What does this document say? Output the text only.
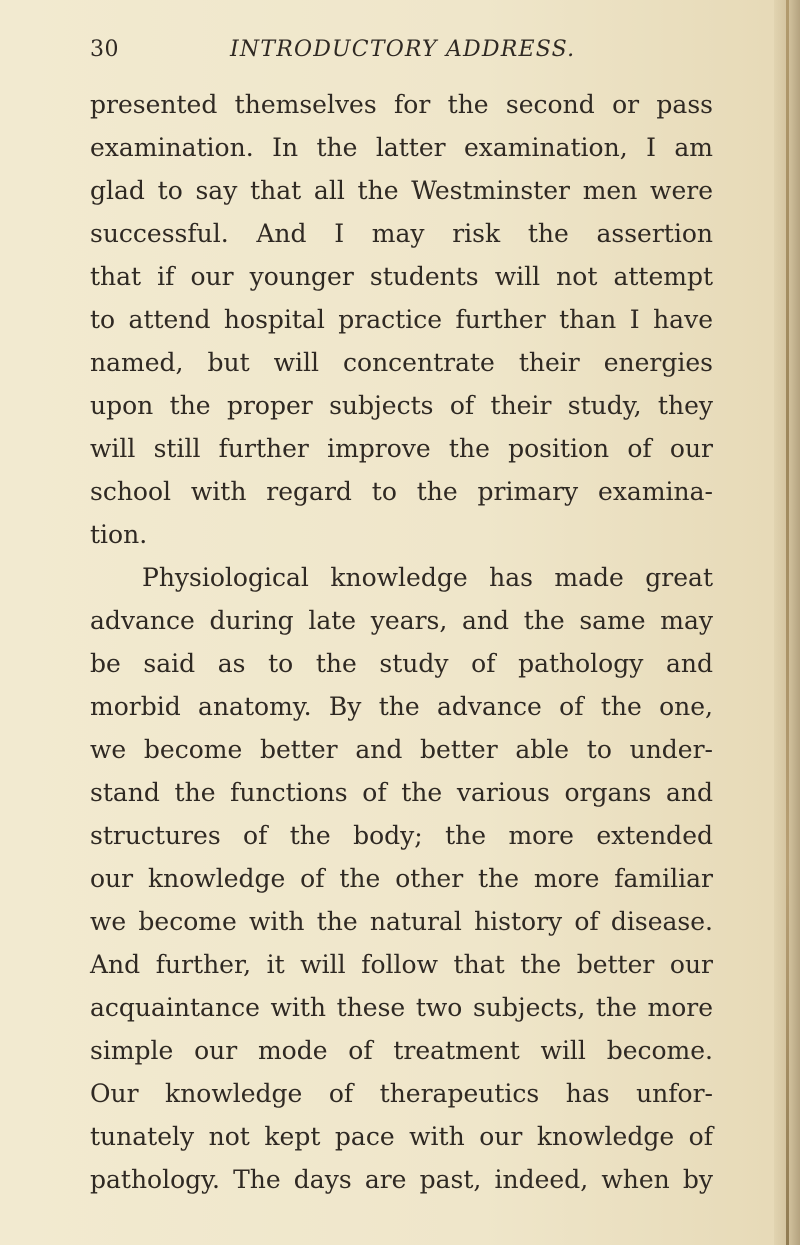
30	INTRODUCTORY ADDRESS.
presented themselves for the second or pass
examination. In the latter examination, I am
glad to say that all the Westminster men were
successful. And I may risk the assertion
that if our younger students will not attempt
to attend hospital practice further than I have
named, but will concentrate their energies
upon the proper subjects of their study, they
will still further improve the position of our
school with regard to the primary examina-
tion.
Physiological knowledge has made great
advance during late years, and the same may
be said as to the study of pathology and
morbid anatomy. By the advance of the one,
we become better and better able to under-
stand the functions of the various organs and
structures of the body; the more extended
our knowledge of the other the more familiar
we become with the natural history of disease.
And further, it will follow that the better our
acquaintance with these two subjects, the more
simple our mode of treatment will become.
Our knowledge of therapeutics has unfor-
tunately not kept pace with our knowledge of
pathology. The days are past, indeed, when by
